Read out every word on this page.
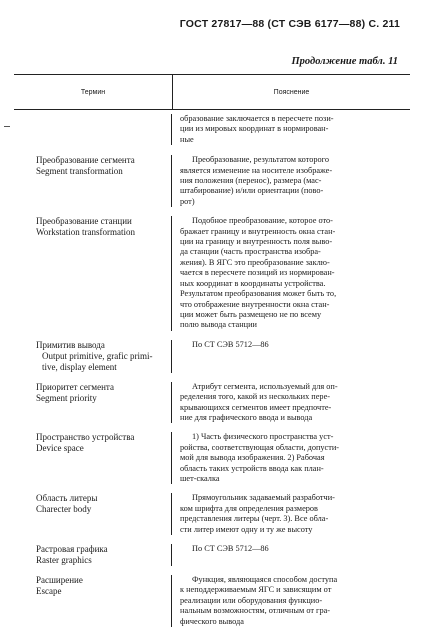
ГОСТ 27817—88 (СТ СЭВ 6177—88) С. 211
Продолжение табл. 11
Термин	Пояснение
образование заключается в пересчете пози-
ции из мировых координат в нормирован-
ные
Преобразование сегмента
Segment transformation
Преобразование, результатом которого
является изменение на носителе изображе-
ния положения (перенос), размера (мас-
штабирование) и/или ориентации (пово-
рот)
Преобразование станции
Workstation transformation
Подобное преобразование, которое ото-
бражает границу и внутренность окна стан-
ции на границу и внутренность поля выво-
да станции (часть пространства изобра-
жения). В ЯГС это преобразование заклю-
чается в пересчете позиций из нормирован-
ных координат в координаты устройства.
Результатом преобразования может быть то,
что отображение внутренности окна стан-
ции может быть размещено не по всему
полю вывода станции
Примитив вывода
Output primitive, grafic primi-
tive, display element
По СТ СЭВ 5712—86
Приоритет сегмента
Segment priority
Атрибут сегмента, используемый для оп-
ределения того, какой из нескольких пере-
крывающихся сегментов имеет предпочте-
ние для графического ввода и вывода
Пространство устройства
Device space
1) Часть физического пространства уст-
ройства, соответствующая области, допусти-
мой для вывода изображения. 2) Рабочая
область таких устройств ввода как план-
шет-скалка
Область литеры
Charecter body
Прямоугольник задаваемый разработчи-
ком шрифта для определения размеров
представления литеры (черт. 3). Все обла-
сти литер имеют одну и ту же высоту
Растровая графика
Raster graphics
По СТ СЭВ 5712—86
Расширение
Escape
Функция, являющаяся способом доступа
к неподдерживаемым ЯГС и зависящим от
реализации или оборудования функцио-
нальным возможностям, отличным от гра-
фического вывода
